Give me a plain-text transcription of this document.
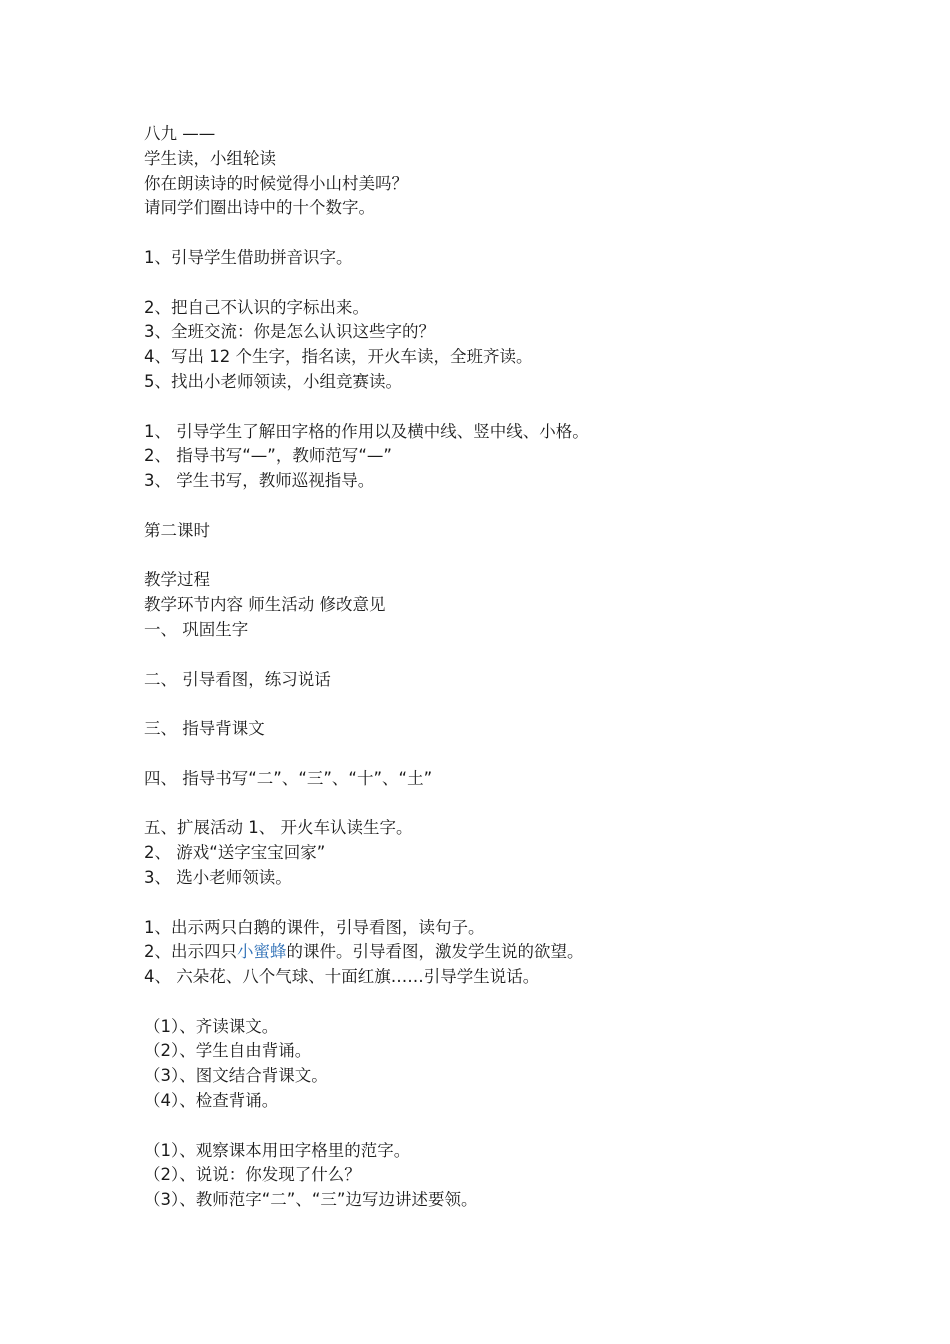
八九 ——
学生读，小组轮读
你在朗读诗的时候觉得小山村美吗？
请同学们圈出诗中的十个数字。
1、引导学生借助拼音识字。
2、把自己不认识的字标出来。
3、全班交流：你是怎么认识这些字的？
4、写出 12 个生字，指名读，开火车读，全班齐读。
5、找出小老师领读，小组竞赛读。
1、 引导学生了解田字格的作用以及横中线、竖中线、小格。
2、 指导书写“—”，教师范写“—”
3、 学生书写，教师巡视指导。
第二课时
教学过程
教学环节内容 师生活动 修改意见
一、 巩固生字
二、 引导看图，练习说话
三、 指导背课文
四、 指导书写“二”、“三”、“十”、“土”
五、扩展活动 1、 开火车认读生字。
2、 游戏“送字宝宝回家”
3、 选小老师领读。
1、出示两只白鹅的课件，引导看图，读句子。
2、出示四只小蜜蜂的课件。引导看图，激发学生说的欲望。
4、 六朵花、八个气球、十面红旗……引导学生说话。
（1）、齐读课文。
（2）、学生自由背诵。
（3）、图文结合背课文。
（4）、检查背诵。
（1）、观察课本用田字格里的范字。
（2）、说说：你发现了什么？
（3）、教师范字“二”、“三”边写边讲述要领。
